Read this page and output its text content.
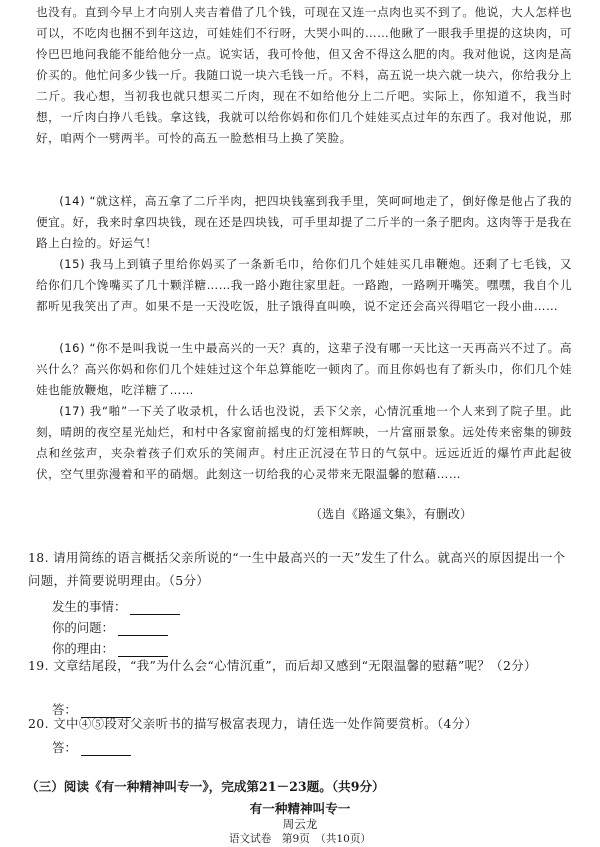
也没有。直到今早上才向别人夹吉着借了几个钱，可现在又连一点肉也买不到了。他说，大人怎样也可以，不吃肉也捆不到年这边，可娃娃们不行呀，大哭小叫的……他瞅了一眼我手里提的这块肉，可怜巴巴地问我能不能给他分一点。说实话，我可怜他，但又舍不得这么肥的肉。我对他说，这肉是高价买的。他忙问多少钱一斤。我随口说一块六毛钱一斤。不料，高五说一块六就一块六，你给我分上二斤。我心想，当初我也就只想买二斤肉，现在不如给他分上二斤吧。实际上，你知道不，我当时想，一斤肉白挣八毛钱。拿这钱，我就可以给你妈和你们几个娃娃买点过年的东西了。我对他说，那好，咱两个一劈两半。可怜的高五一脸愁相马上换了笑脸。

(14) “就这样，高五拿了二斤半肉，把四块钱塞到我手里，笑呵呵地走了，倒好像是他占了我的便宜。好，我来时拿四块钱，现在还是四块钱，可手里却提了二斤半的一条子肥肉。这肉等于是我在路上白捡的。好运气！

(15) 我马上到镇子里给你妈买了一条新毛巾，给你们几个娃娃买几串鞭炮。还剩了七毛钱，又给你们几个馋嘴买了几十颗洋糖……我一路小跑往家里赶。一路跑，一路咧开嘴笑。嘿嘿，我自个儿都听见我笑出了声。如果不是一天没吃饭，肚子饿得直叫唤，说不定还会高兴得唱它一段小曲……

(16) “你不是叫我说一生中最高兴的一天？真的，这辈子没有哪一天比这一天再高兴不过了。高兴什么？高兴你妈和你们几个娃娃过这个年总算能吃一顿肉了。而且你妈也有了新头巾，你们几个娃娃也能放鞭炮，吃洋糖了……

(17) 我“啪”一下关了收录机，什么话也没说，丢下父亲，心情沉重地一个人来到了院子里。此刻，晴朗的夜空星光灿烂，和村中各家窗前摇曳的灯笼相辉映，一片富丽景象。远处传来密集的铆鼓点和丝弦声，夹杂着孩子们欢乐的笑闹声。村庄正沉浸在节日的气氛中。远远近近的爆竹声此起彼伏，空气里弥漫着和平的硝烟。此刻这一切给我的心灵带来无限温馨的慰藉……

（选自《路遥文集》，有删改）
18. 请用简练的语言概括父亲所说的“一生中最高兴的一天”发生了什么。就高兴的原因提出一个问题，并简要说明理由。（5分）
发生的事情：
你的问题：
你的理由：
19. 文章结尾段，“我”为什么会“心情沉重”，而后却又感到“无限温馨的慰藉”呢？（2分）
答：
20. 文中④⑤段对父亲听书的描写极富表现力，请任选一处作简要赏析。（4分）
答：
（三）阅读《有一种精神叫专一》，完成第21－23题。（共9分）
有一种精神叫专一
周云龙
语文试卷　第9页　（共10页）
